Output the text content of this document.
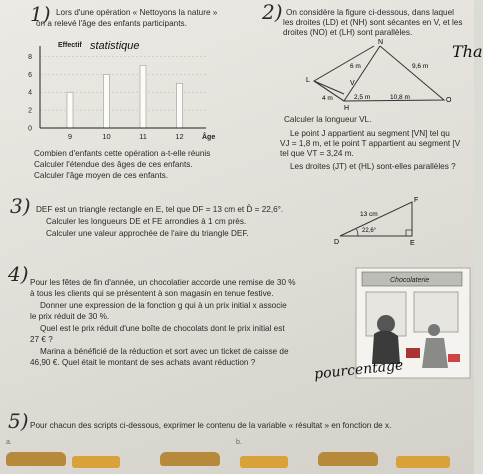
1) Lors d'une opération « Nettoyons la nature »
on a relevé l'âge des enfants participants.
Effectif statistique
0
2
4
6
8
9	10	11	12	Âge
Combien d'enfants cette opération a-t-elle réunis
Calculer l'étendue des âges de ces enfants.
Calculer l'âge moyen de ces enfants.
2) On considère la figure ci-dessous, dans laquel
les droites (LD) et (NH) sont sécantes en V, et les
droites (NO) et (LH) sont parallèles.
Tha
N
L
O
H
V
4 m
6 m	9,6 m
2,5 m	10,8 m
Calculer la longueur VL.
Le point J appartient au segment [VN] tel qu
VJ = 1,8 m, et le point T appartient au segment [V
tel que VT = 3,24 m.
Les droites (JT) et (HL) sont-elles parallèles ?
3) DEF est un triangle rectangle en E, tel que DF = 13 cm et D̂ = 22,6°.
Calculer les longueurs DE et FE arrondies à 1 cm près.
Calculer une valeur approchée de l'aire du triangle DEF.
F
D	E
13 cm
22,6°
4) Pour les fêtes de fin d'année, un chocolatier accorde une remise de 30 %
à tous les clients qui se présentent à son magasin en tenue festive.
Donner une expression de la fonction g qui à un prix initial x associe
le prix réduit de 30 %.
Quel est le prix réduit d'une boîte de chocolats dont le prix initial est
27 € ?
Marina a bénéficié de la réduction et sort avec un ticket de caisse de
46,90 €. Quel était le montant de ses achats avant réduction ?
Chocolaterie
pourcentage
5) Pour chacun des scripts ci-dessous, exprimer le contenu de la variable « résultat » en fonction de x.
a.	b.
